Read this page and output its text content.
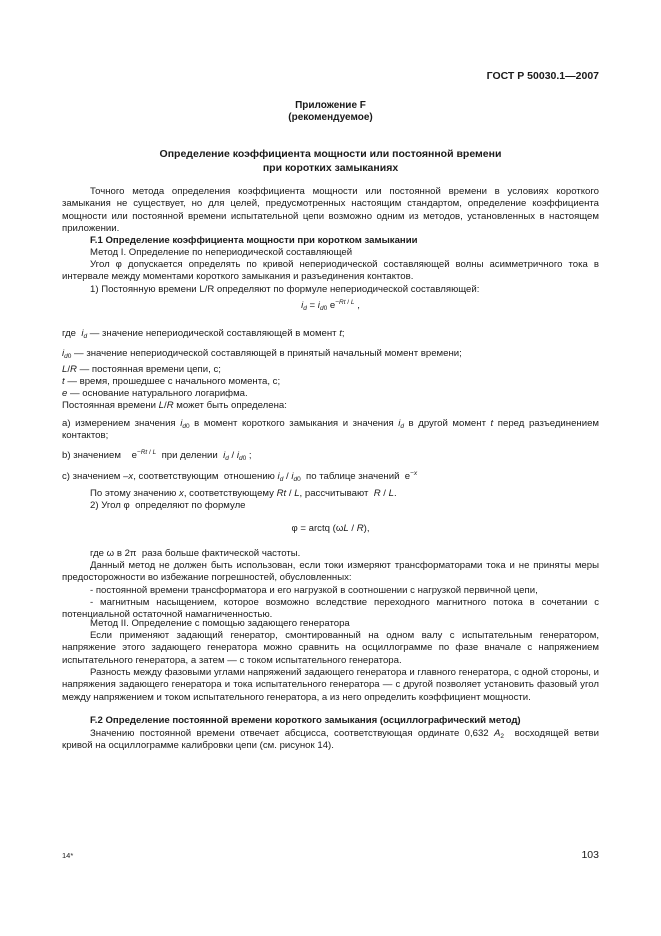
ГОСТ Р 50030.1—2007
Приложение F
(рекомендуемое)
Определение коэффициента мощности или постоянной времени
при коротких замыканиях

Точного метода определения коэффициента мощности или постоянной времени в условиях короткого замыкания не существует, но для целей, предусмотренных настоящим стандартом, определение коэффициента мощности или постоянной времени испытательной цепи возможно одним из методов, установленных в настоящем приложении.

F.1 Определение коэффициента мощности при коротком замыкании
Метод I. Определение по непериодической составляющей

Угол φ допускается определять по кривой непериодической составляющей волны асимметричного тока в интервале между моментами короткого замыкания и разъединения контактов.

1) Постоянную времени L/R определяют по формуле непериодической составляющей:
$i_d = i_{d0}$ $e^{-Rt / L}$ ,
где  $i_d$ — значение непериодической составляющей в момент t;
$i_{d0}$ — значение непериодической составляющей в принятый начальный момент времени;
L/R — постоянная времени цепи, с;
t — время, прошедшее с начального момента, с;
e — основание натурального логарифма.
Постоянная времени L/R может быть определена:

a) измерением значения $i_{d0}$ в момент короткого замыкания и значения $i_d$ в другой момент t перед разъединением контактов;

b) значением    $e^{-Rt / L}$  при делении  $i_d / i_{d0}$ ;
с) значением –x, соответствующим  отношению $i_d / i_{d0}$  по таблице значений  $e^{-x}$
По этому значению x, соответствующему Rt / L, рассчитывают  R / L.
2) Угол φ  определяют по формуле
φ = arctq (ωL / R),
где ω в 2π  раза больше фактической частоты.

Данный метод не должен быть использован, если токи измеряют трансформаторами тока и не приняты меры предосторожности во избежание погрешностей, обусловленных:

- постоянной времени трансформатора и его нагрузкой в соотношении с нагрузкой первичной цепи,

- магнитным насыщением, которое возможно вследствие переходного магнитного потока в сочетании с потенциальной остаточной намагниченностью.

Метод II. Определение с помощью задающего генератора

Если применяют задающий генератор, смонтированный на одном валу с испытательным генератором, напряжение этого задающего генератора можно сравнить на осциллограмме по фазе вначале с напряжением испытательного генератора, а затем — с током испытательного генератора.

Разность между фазовыми углами напряжений задающего генератора и главного генератора, с одной стороны, и напряжения задающего генератора и тока испытательного генератора — с другой позволяет установить фазовый угол между напряжением и током испытательного генератора, а из него определить коэффициент мощности.

F.2 Определение постоянной времени короткого замыкания (осциллографический метод)

Значению постоянной времени отвечает абсцисса, соответствующая ординате 0,632 $A_2$  восходящей ветви кривой на осциллограмме калибровки цепи (см. рисунок 14).

14*	103
